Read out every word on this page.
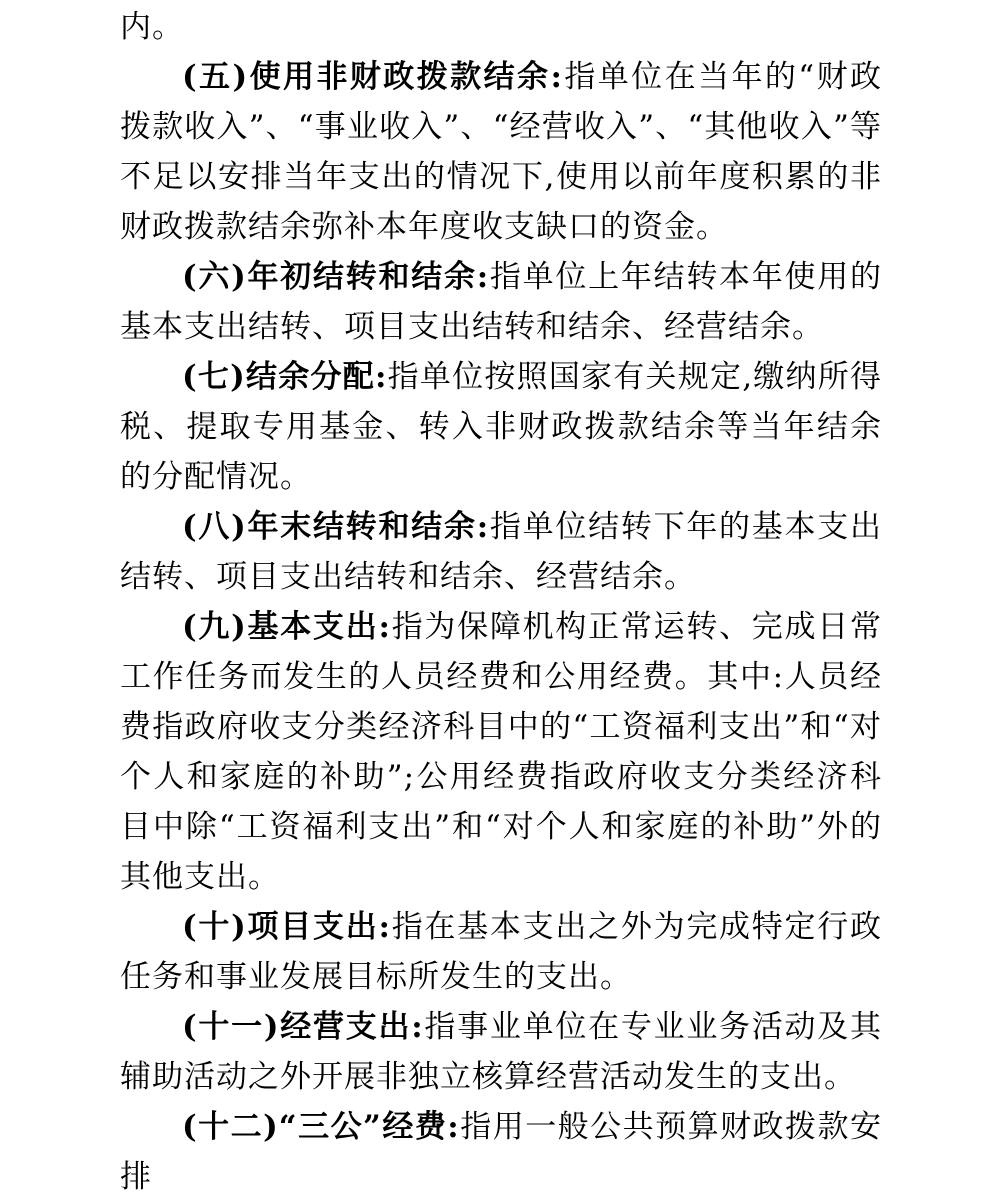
内。

(五)使用非财政拨款结余:指单位在当年的“财政拨款收入”、“事业收入”、“经营收入”、“其他收入”等不足以安排当年支出的情况下,使用以前年度积累的非财政拨款结余弥补本年度收支缺口的资金。

(六)年初结转和结余:指单位上年结转本年使用的基本支出结转、项目支出结转和结余、经营结余。

(七)结余分配:指单位按照国家有关规定,缴纳所得税、提取专用基金、转入非财政拨款结余等当年结余的分配情况。

(八)年末结转和结余:指单位结转下年的基本支出结转、项目支出结转和结余、经营结余。

(九)基本支出:指为保障机构正常运转、完成日常工作任务而发生的人员经费和公用经费。其中:人员经费指政府收支分类经济科目中的“工资福利支出”和“对个人和家庭的补助”;公用经费指政府收支分类经济科目中除“工资福利支出”和“对个人和家庭的补助”外的其他支出。

(十)项目支出:指在基本支出之外为完成特定行政任务和事业发展目标所发生的支出。

(十一)经营支出:指事业单位在专业业务活动及其辅助活动之外开展非独立核算经营活动发生的支出。

(十二)“三公”经费:指用一般公共预算财政拨款安排
